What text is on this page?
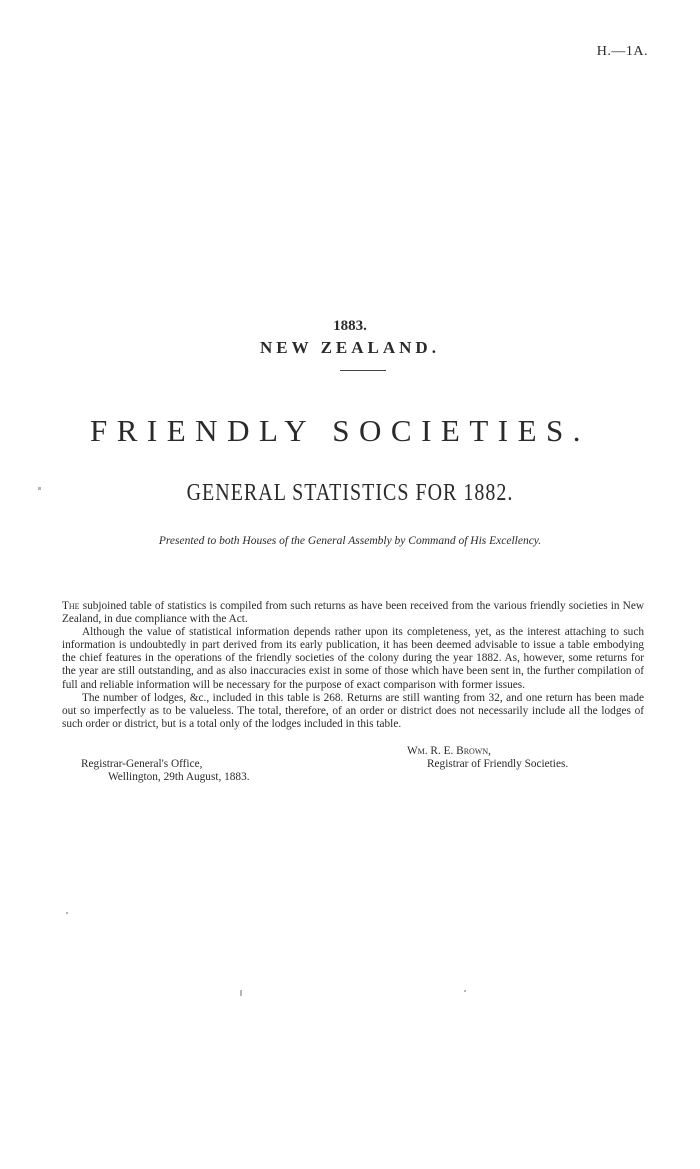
H.—1A.
1883.
NEW ZEALAND.
FRIENDLY SOCIETIES.
GENERAL STATISTICS FOR 1882.
Presented to both Houses of the General Assembly by Command of His Excellency.

The subjoined table of statistics is compiled from such returns as have been received from the various friendly societies in New Zealand, in due compliance with the Act.

Although the value of statistical information depends rather upon its completeness, yet, as the interest attaching to such information is undoubtedly in part derived from its early publication, it has been deemed advisable to issue a table embodying the chief features in the operations of the friendly societies of the colony during the year 1882. As, however, some returns for the year are still outstanding, and as also inaccuracies exist in some of those which have been sent in, the further compilation of full and reliable information will be necessary for the purpose of exact comparison with former issues.

The number of lodges, &c., included in this table is 268. Returns are still wanting from 32, and one return has been made out so imperfectly as to be valueless. The total, therefore, of an order or district does not necessarily include all the lodges of such order or district, but is a total only of the lodges included in this table.

Wm. R. E. Brown,
Registrar of Friendly Societies.
Registrar-General's Office,
Wellington, 29th August, 1883.
